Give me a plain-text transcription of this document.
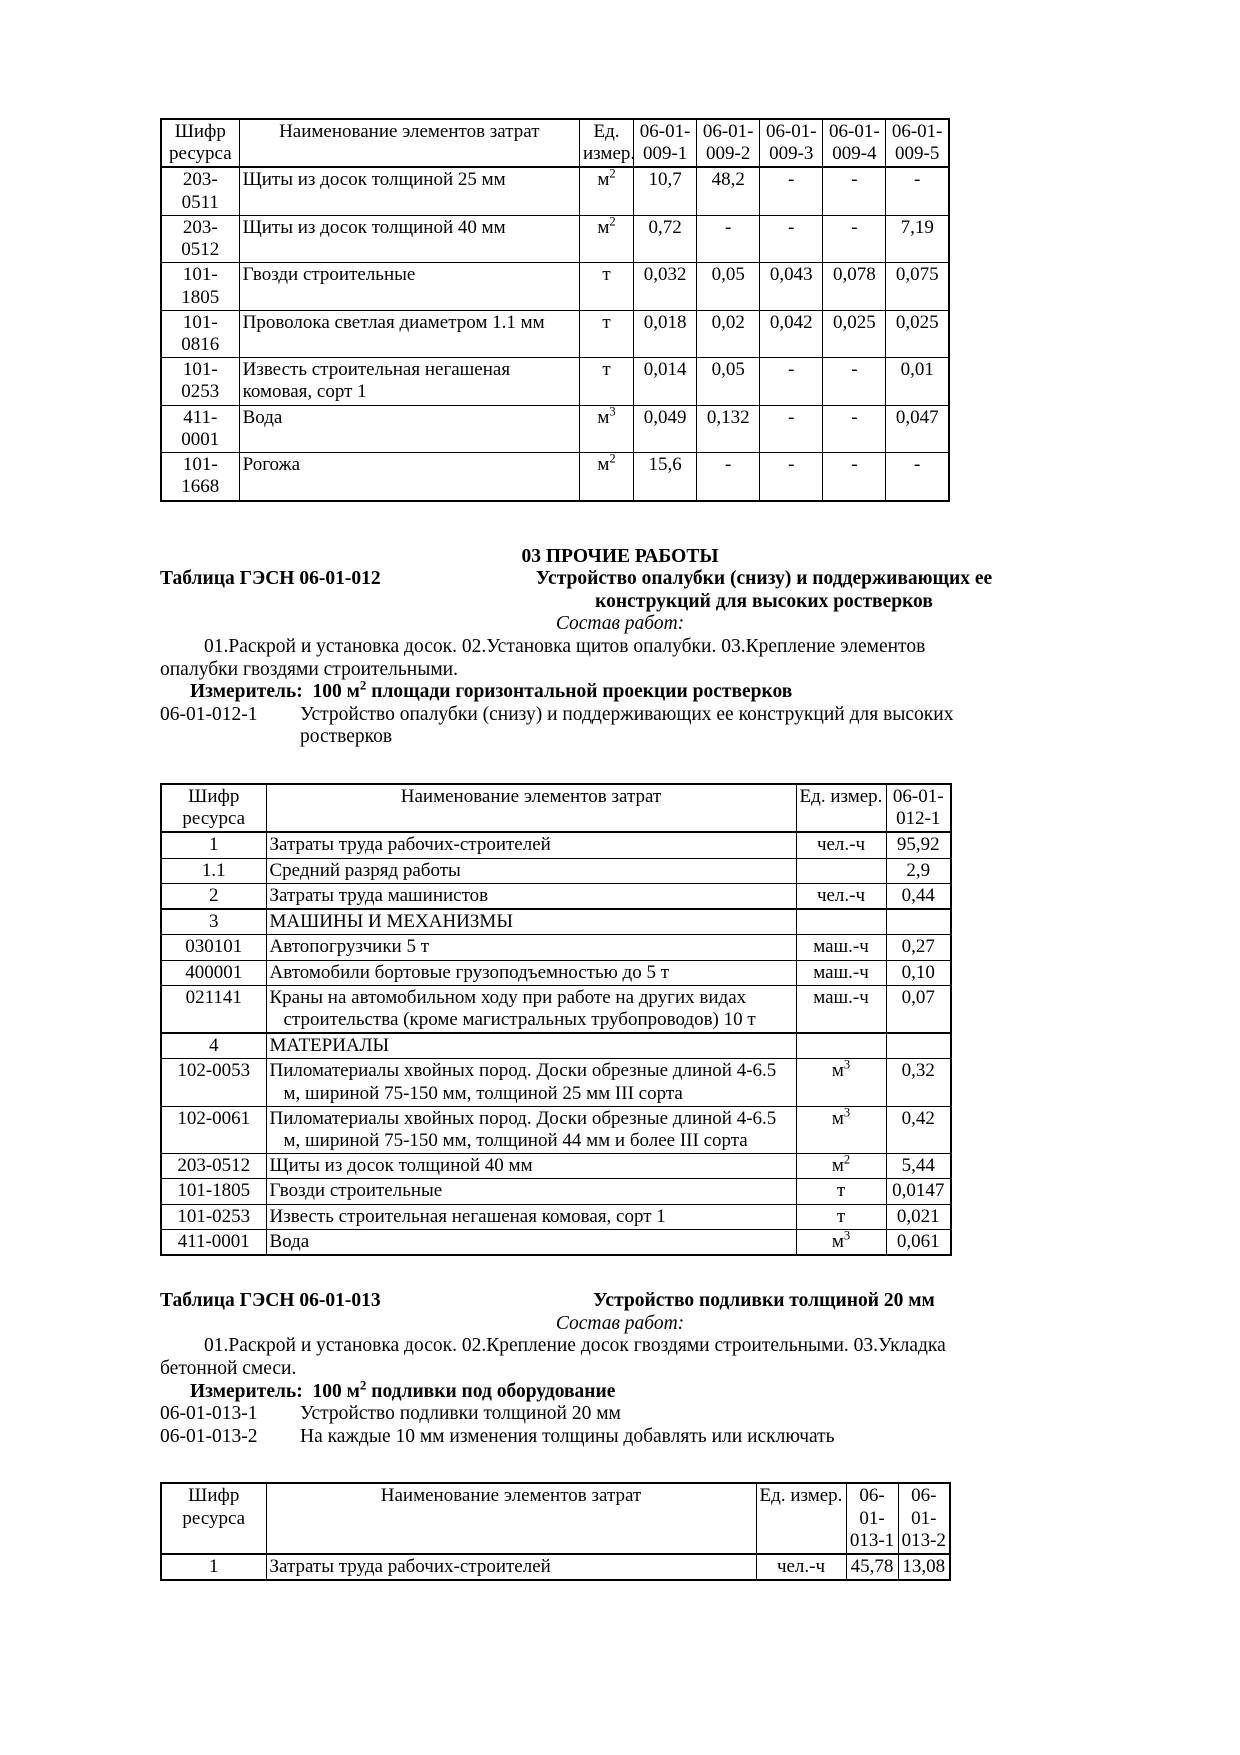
Шифр ресурса	Наименование элементов затрат	Ед. измер.	06-01-009-1	06-01-009-2	06-01-009-3	06-01-009-4	06-01-009-5
203-0511	Щиты из досок толщиной 25 мм	$м^2$	10,7	48,2	-	-	-
203-0512	Щиты из досок толщиной 40 мм	$м^2$	0,72	-	-	-	7,19
101-1805	Гвозди строительные	т	0,032	0,05	0,043	0,078	0,075
101-0816	Проволока светлая диаметром 1.1 мм	т	0,018	0,02	0,042	0,025	0,025
101-0253	Известь строительная негашеная комовая, сорт 1	т	0,014	0,05	-	-	0,01
411-0001	Вода	$м^3$	0,049	0,132	-	-	0,047
101-1668	Рогожа	$м^2$	15,6	-	-	-	-
03 ПРОЧИЕ РАБОТЫ
Таблица ГЭСН 06-01-012	Устройство опалубки (снизу) и поддерживающих ее
конструкций для высоких ростверков
Состав работ:
01.Раскрой и установка досок. 02.Установка щитов опалубки. 03.Крепление элементов
опалубки гвоздями строительными.
Измеритель: 100 $м^2$ площади горизонтальной проекции ростверков
06-01-012-1	Устройство опалубки (снизу) и поддерживающих ее конструкций для высоких
ростверков
Шифр ресурса	Наименование элементов затрат	Ед. измер.	06-01-012-1
1	Затраты труда рабочих-строителей	чел.-ч	95,92
1.1	Средний разряд работы		2,9
2	Затраты труда машинистов	чел.-ч	0,44
3	МАШИНЫ И МЕХАНИЗМЫ		
030101	Автопогрузчики 5 т	маш.-ч	0,27
400001	Автомобили бортовые грузоподъемностью до 5 т	маш.-ч	0,10
021141	Краны на автомобильном ходу при работе на других видах строительства (кроме магистральных трубопроводов) 10 т	маш.-ч	0,07
4	МАТЕРИАЛЫ		
102-0053	Пиломатериалы хвойных пород. Доски обрезные длиной 4-6.5 м, шириной 75-150 мм, толщиной 25 мм III сорта	$м^3$	0,32
102-0061	Пиломатериалы хвойных пород. Доски обрезные длиной 4-6.5 м, шириной 75-150 мм, толщиной 44 мм и более III сорта	$м^3$	0,42
203-0512	Щиты из досок толщиной 40 мм	$м^2$	5,44
101-1805	Гвозди строительные	т	0,0147
101-0253	Известь строительная негашеная комовая, сорт 1	т	0,021
411-0001	Вода	$м^3$	0,061
Таблица ГЭСН 06-01-013	Устройство подливки толщиной 20 мм
Состав работ:
01.Раскрой и установка досок. 02.Крепление досок гвоздями строительными. 03.Укладка
бетонной смеси.
Измеритель: 100 $м^2$ подливки под оборудование
06-01-013-1	Устройство подливки толщиной 20 мм
06-01-013-2	На каждые 10 мм изменения толщины добавлять или исключать
Шифр ресурса	Наименование элементов затрат	Ед. измер.	06-01-013-1	06-01-013-2
1	Затраты труда рабочих-строителей	чел.-ч	45,78	13,08
